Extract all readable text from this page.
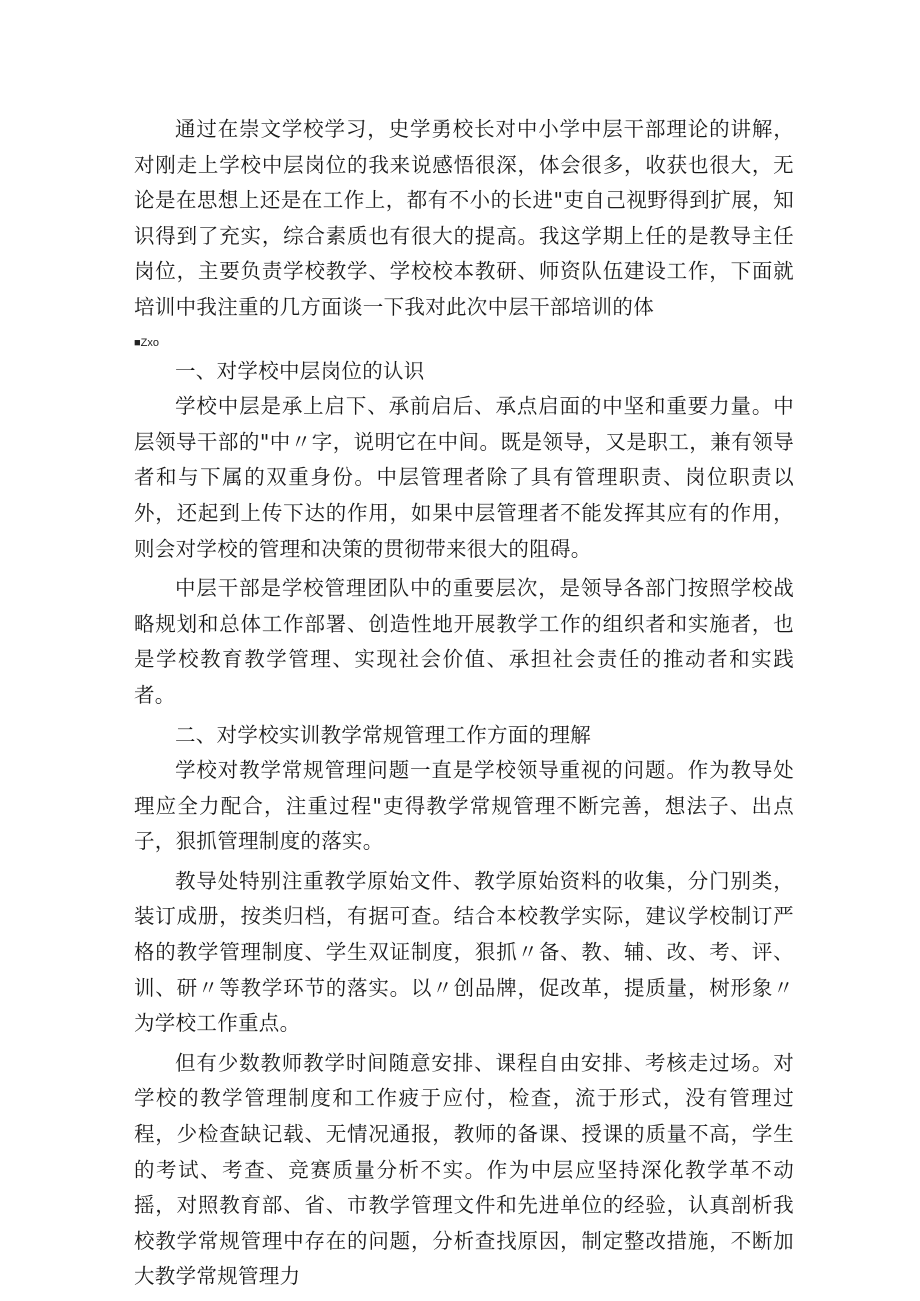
通过在崇文学校学习，史学勇校长对中小学中层干部理论的讲解，对刚走上学校中层岗位的我来说感悟很深，体会很多，收获也很大，无论是在思想上还是在工作上，都有不小的长进"吏自己视野得到扩展，知识得到了充实，综合素质也有很大的提高。我这学期上任的是教导主任岗位，主要负责学校教学、学校校本教研、师资队伍建设工作，下面就培训中我注重的几方面谈一下我对此次中层干部培训的体

■Zxo

一、对学校中层岗位的认识

学校中层是承上启下、承前启后、承点启面的中坚和重要力量。中层领导干部的"中〃字，说明它在中间。既是领导，又是职工，兼有领导者和与下属的双重身份。中层管理者除了具有管理职责、岗位职责以外，还起到上传下达的作用，如果中层管理者不能发挥其应有的作用，则会对学校的管理和决策的贯彻带来很大的阻碍。

中层干部是学校管理团队中的重要层次，是领导各部门按照学校战略规划和总体工作部署、创造性地开展教学工作的组织者和实施者，也是学校教育教学管理、实现社会价值、承担社会责任的推动者和实践者。

二、对学校实训教学常规管理工作方面的理解

学校对教学常规管理问题一直是学校领导重视的问题。作为教导处理应全力配合，注重过程"吏得教学常规管理不断完善，想法子、出点子，狠抓管理制度的落实。

教导处特别注重教学原始文件、教学原始资料的收集，分门别类，装订成册，按类归档，有据可查。结合本校教学实际，建议学校制订严格的教学管理制度、学生双证制度，狠抓〃备、教、辅、改、考、评、训、研〃等教学环节的落实。以〃创品牌，促改革，提质量，树形象〃为学校工作重点。

但有少数教师教学时间随意安排、课程自由安排、考核走过场。对学校的教学管理制度和工作疲于应付，检查，流于形式，没有管理过程，少检查缺记载、无情况通报，教师的备课、授课的质量不高，学生的考试、考查、竞赛质量分析不实。作为中层应坚持深化教学革不动摇，对照教育部、省、市教学管理文件和先进单位的经验，认真剖析我校教学常规管理中存在的问题，分析查找原因，制定整改措施，不断加大教学常规管理力
